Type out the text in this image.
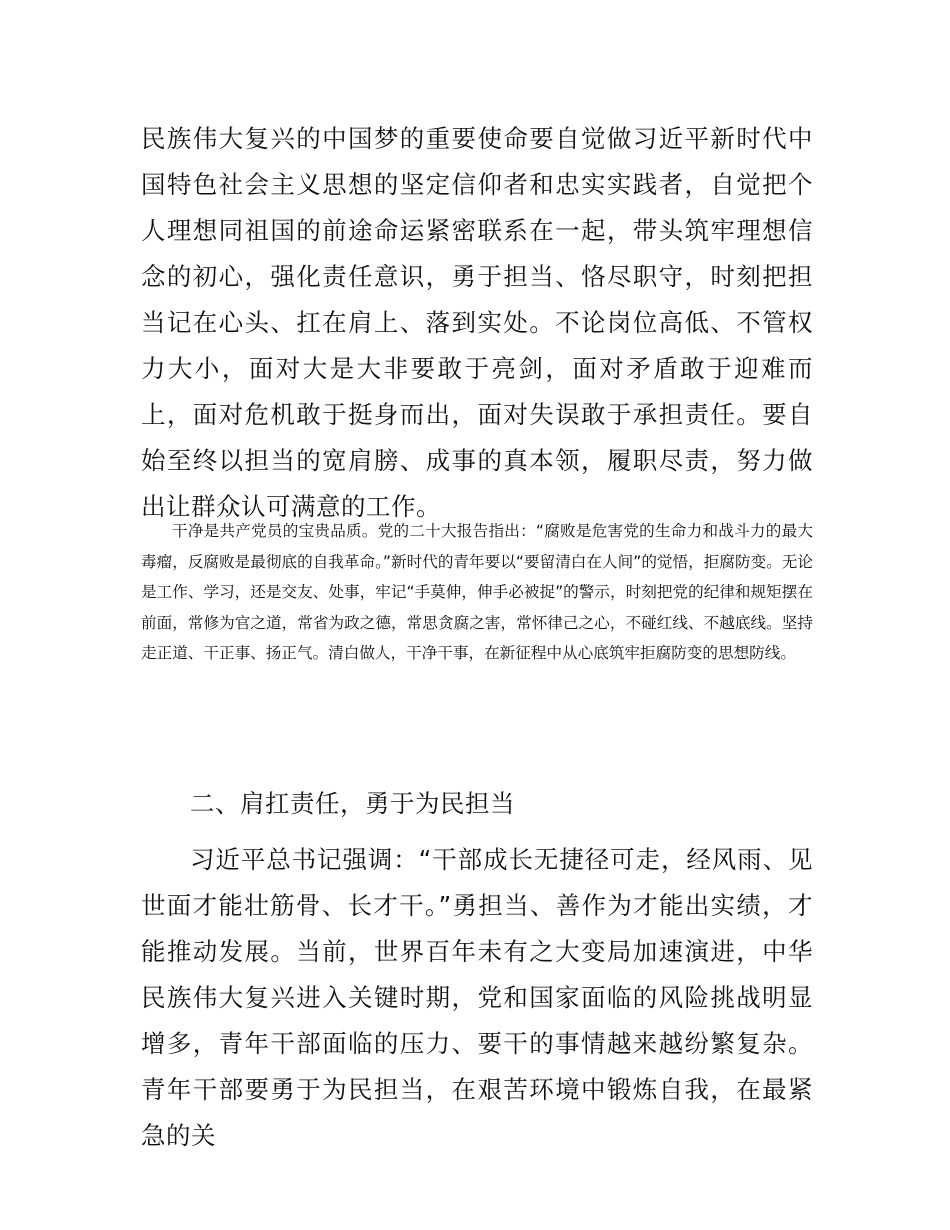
民族伟大复兴的中国梦的重要使命要自觉做习近平新时代中国特色社会主义思想的坚定信仰者和忠实实践者，自觉把个人理想同祖国的前途命运紧密联系在一起，带头筑牢理想信念的初心，强化责任意识，勇于担当、恪尽职守，时刻把担当记在心头、扛在肩上、落到实处。不论岗位高低、不管权力大小，面对大是大非要敢于亮剑，面对矛盾敢于迎难而上，面对危机敢于挺身而出，面对失误敢于承担责任。要自始至终以担当的宽肩膀、成事的真本领，履职尽责，努力做出让群众认可满意的工作。

干净是共产党员的宝贵品质。党的二十大报告指出：“腐败是危害党的生命力和战斗力的最大毒瘤，反腐败是最彻底的自我革命。”新时代的青年要以“要留清白在人间”的觉悟，拒腐防变。无论是工作、学习，还是交友、处事，牢记“手莫伸，伸手必被捉”的警示，时刻把党的纪律和规矩摆在前面，常修为官之道，常省为政之德，常思贪腐之害，常怀律己之心，不碰红线、不越底线。坚持走正道、干正事、扬正气。清白做人，干净干事，在新征程中从心底筑牢拒腐防变的思想防线。

二、肩扛责任，勇于为民担当

习近平总书记强调：“干部成长无捷径可走，经风雨、见世面才能壮筋骨、长才干。”勇担当、善作为才能出实绩，才能推动发展。当前，世界百年未有之大变局加速演进，中华民族伟大复兴进入关键时期，党和国家面临的风险挑战明显增多，青年干部面临的压力、要干的事情越来越纷繁复杂。青年干部要勇于为民担当，在艰苦环境中锻炼自我，在最紧急的关
